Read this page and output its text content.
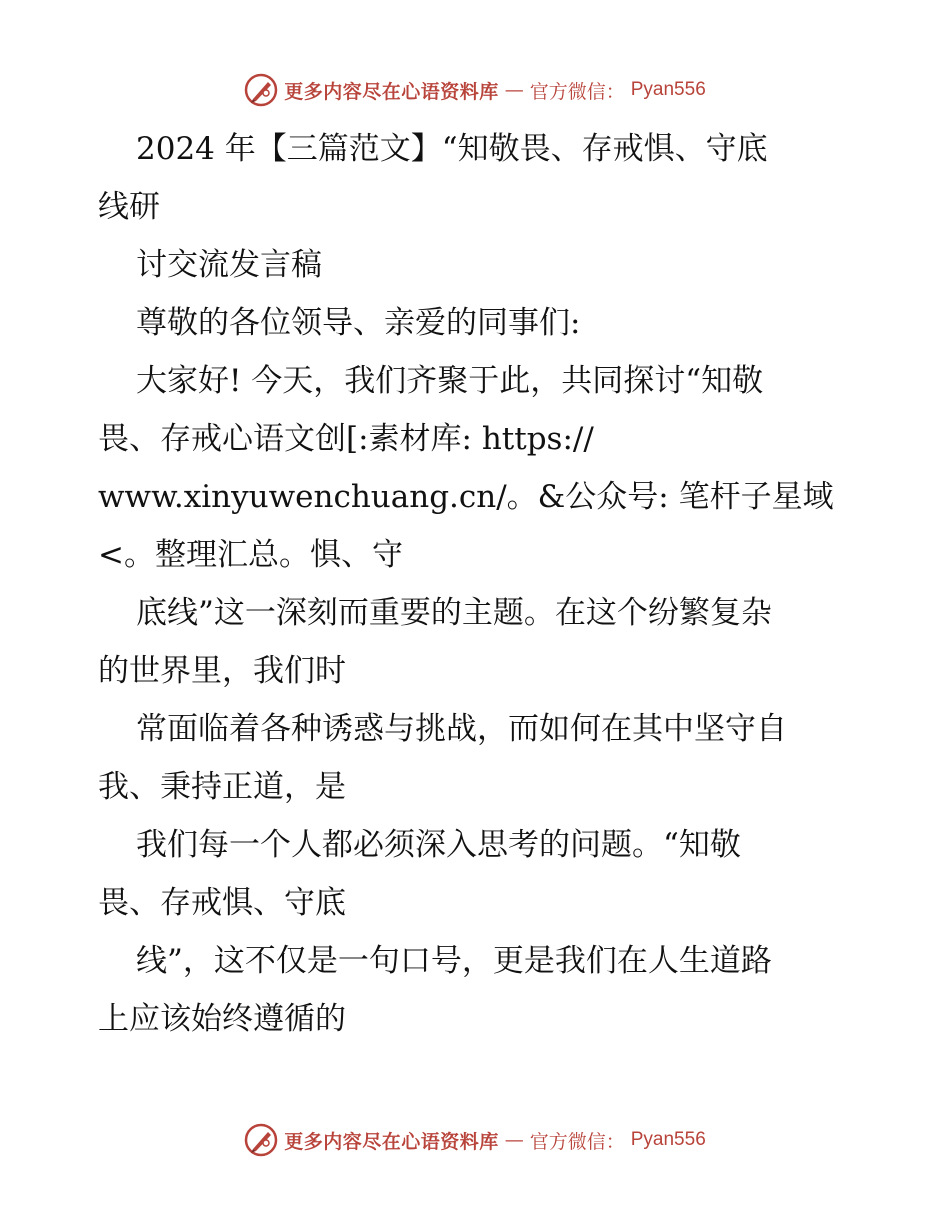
更多内容尽在心语资料库 — 官方微信： Pyan556
2024 年【三篇范文】“知敬畏、存戒惧、守底
线研
讨交流发言稿
尊敬的各位领导、亲爱的同事们:
大家好! 今天，我们齐聚于此，共同探讨“知敬
畏、存戒心语文创[:素材库: https://
www.xinyuwenchuang.cn/。&公众号: 笔杆子星域
<。整理汇总。惧、守
底线”这一深刻而重要的主题。在这个纷繁复杂
的世界里，我们时
常面临着各种诱惑与挑战，而如何在其中坚守自
我、秉持正道，是
我们每一个人都必须深入思考的问题。“知敬
畏、存戒惧、守底
线”，这不仅是一句口号，更是我们在人生道路
上应该始终遵循的
更多内容尽在心语资料库 — 官方微信： Pyan556
